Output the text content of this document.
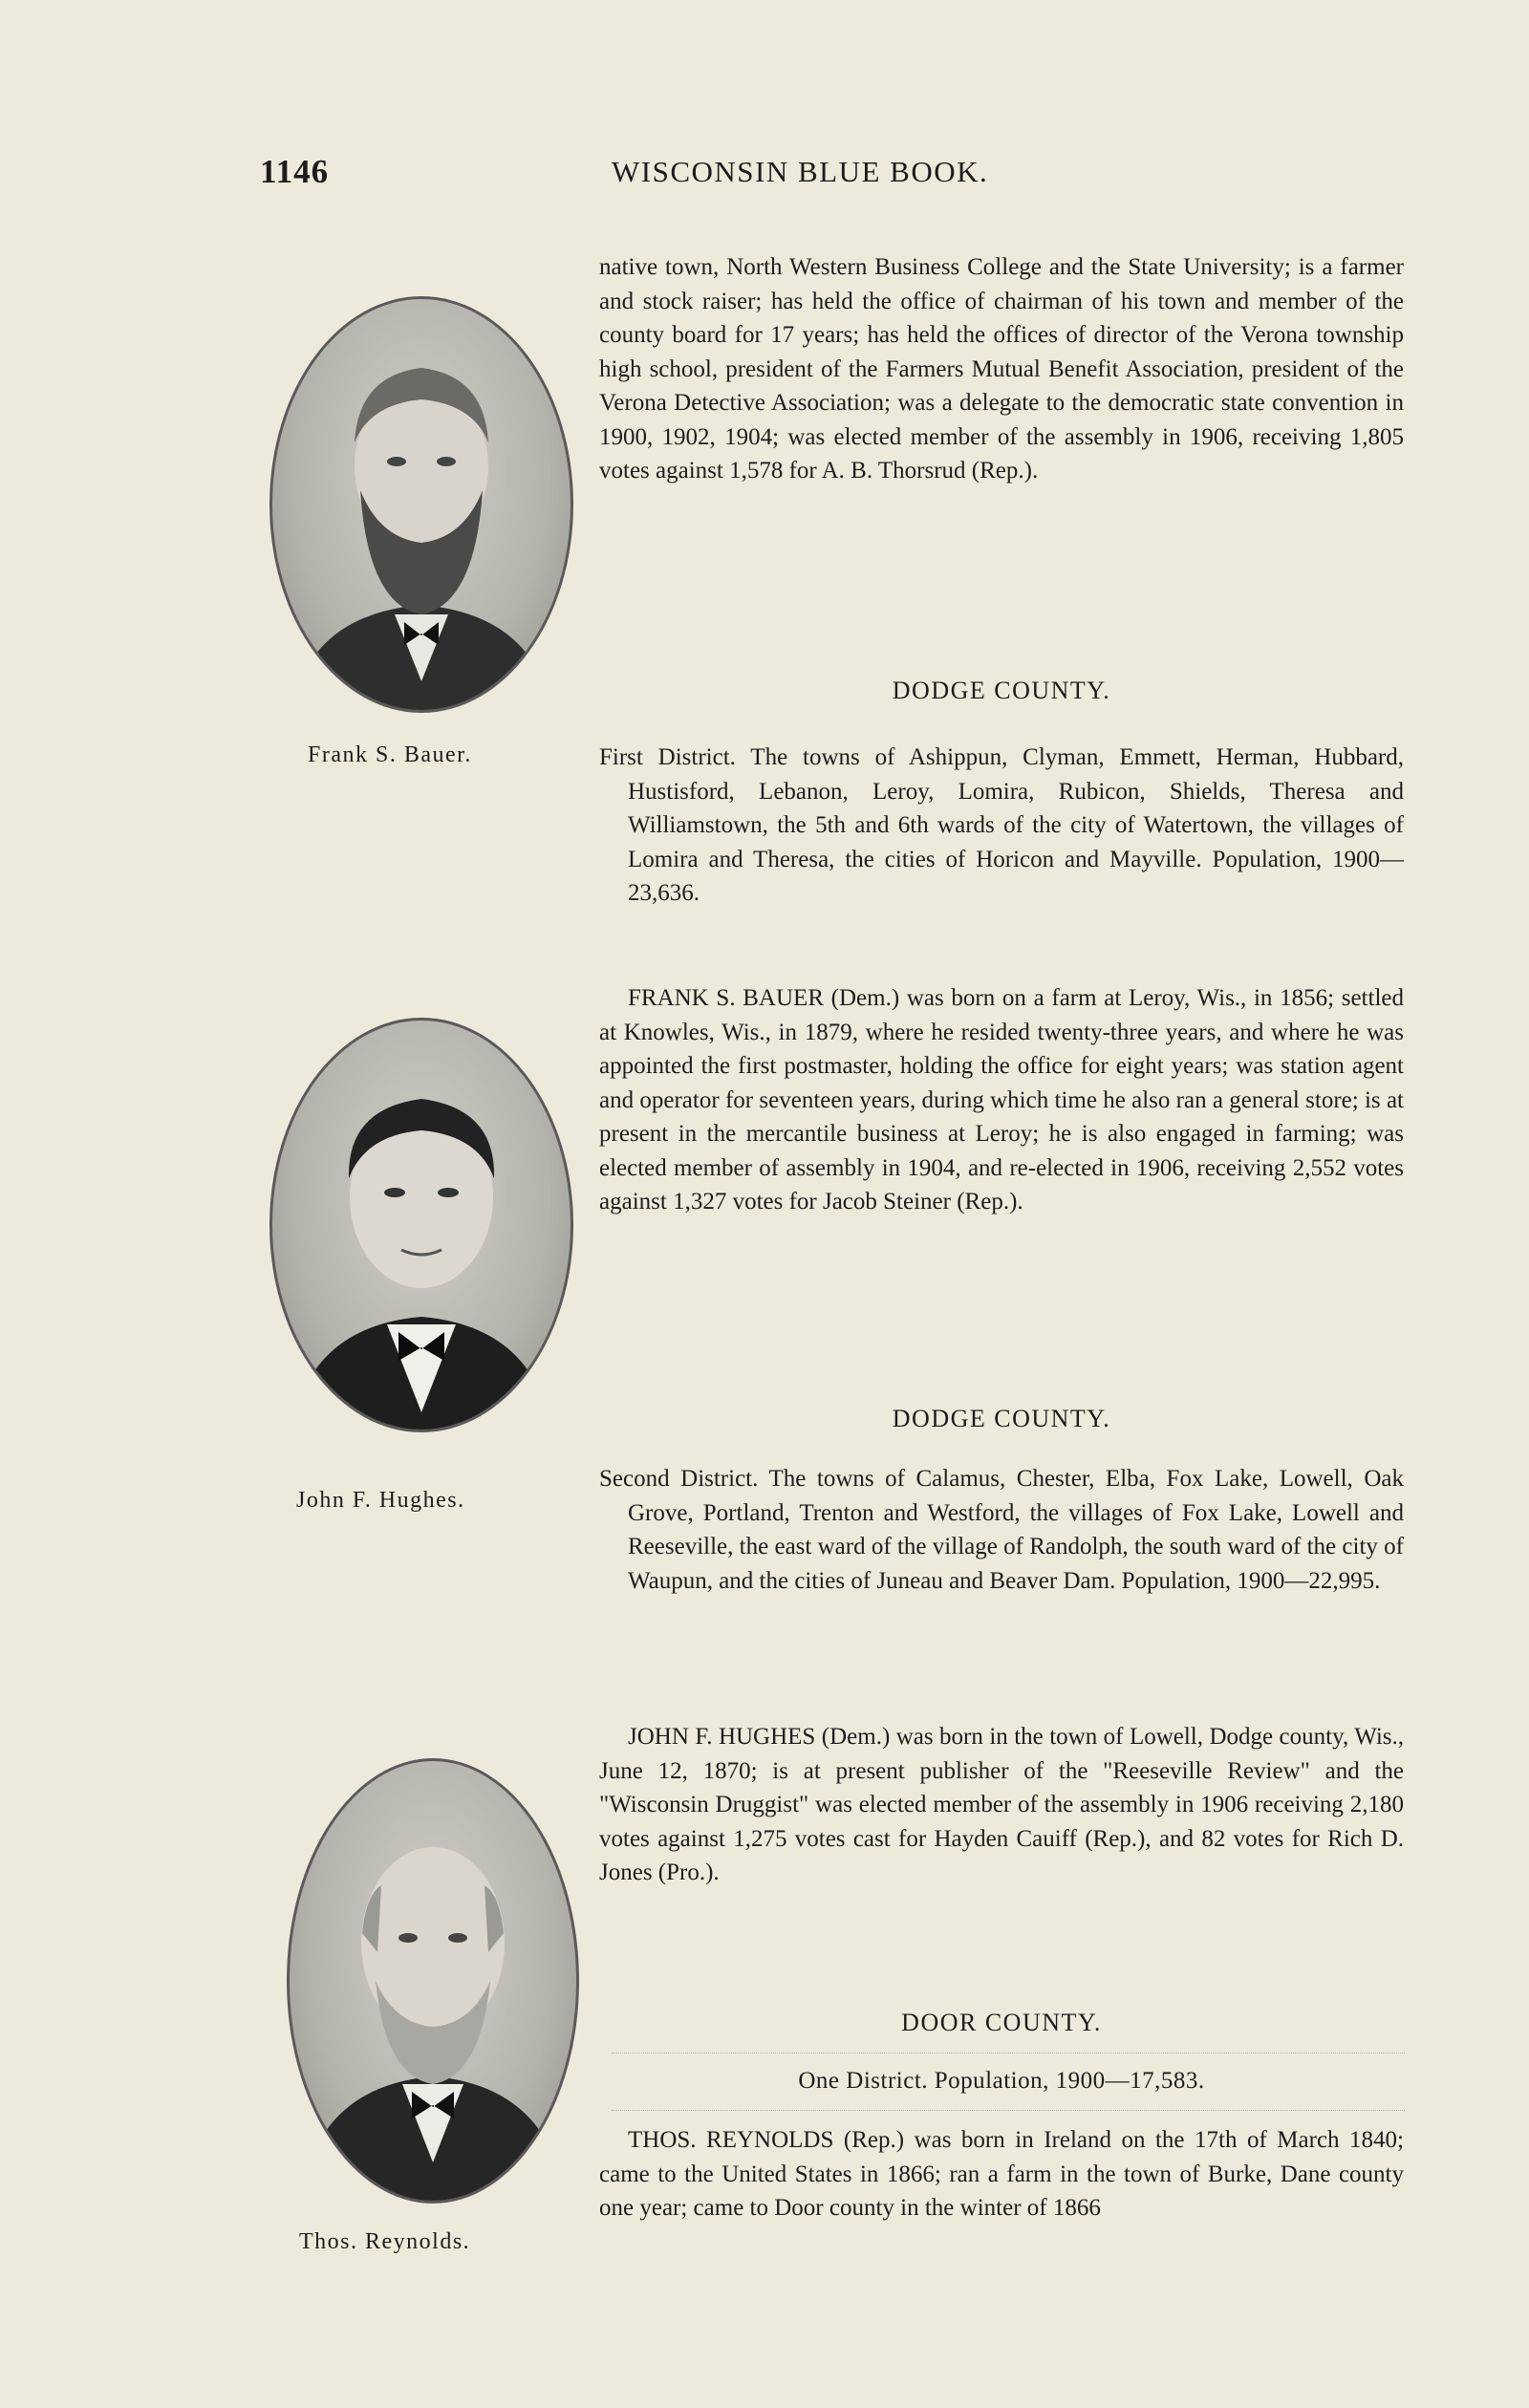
1146	WISCONSIN BLUE BOOK.
Frank S. Bauer.
John F. Hughes.
Thos. Reynolds.

native town, North Western Business College and the State University; is a farmer and stock raiser; has held the office of chairman of his town and member of the county board for 17 years; has held the offices of director of the Verona township high school, president of the Farmers Mutual Benefit Association, president of the Verona Detective Association; was a delegate to the democratic state convention in 1900, 1902, 1904; was elected member of the assembly in 1906, receiving 1,805 votes against 1,578 for A. B. Thorsrud (Rep.).

DODGE COUNTY.

First District. The towns of Ashippun, Clyman, Emmett, Herman, Hubbard, Hustisford, Lebanon, Leroy, Lomira, Rubicon, Shields, Theresa and Williamstown, the 5th and 6th wards of the city of Watertown, the villages of Lomira and Theresa, the cities of Horicon and Mayville. Population, 1900—23,636.

FRANK S. BAUER (Dem.) was born on a farm at Leroy, Wis., in 1856; settled at Knowles, Wis., in 1879, where he resided twenty-three years, and where he was appointed the first postmaster, holding the office for eight years; was station agent and operator for seventeen years, during which time he also ran a general store; is at present in the mercantile business at Leroy; he is also engaged in farming; was elected member of assembly in 1904, and re-elected in 1906, receiving 2,552 votes against 1,327 votes for Jacob Steiner (Rep.).

DODGE COUNTY.

Second District. The towns of Calamus, Chester, Elba, Fox Lake, Lowell, Oak Grove, Portland, Trenton and Westford, the villages of Fox Lake, Lowell and Reeseville, the east ward of the village of Randolph, the south ward of the city of Waupun, and the cities of Juneau and Beaver Dam. Population, 1900—22,995.

JOHN F. HUGHES (Dem.) was born in the town of Lowell, Dodge county, Wis., June 12, 1870; is at present publisher of the "Reeseville Review" and the "Wisconsin Druggist" was elected member of the assembly in 1906 receiving 2,180 votes against 1,275 votes cast for Hayden Cauiff (Rep.), and 82 votes for Rich D. Jones (Pro.).

DOOR COUNTY.
One District. Population, 1900—17,583.

THOS. REYNOLDS (Rep.) was born in Ireland on the 17th of March 1840; came to the United States in 1866; ran a farm in the town of Burke, Dane county one year; came to Door county in the winter of 1866
